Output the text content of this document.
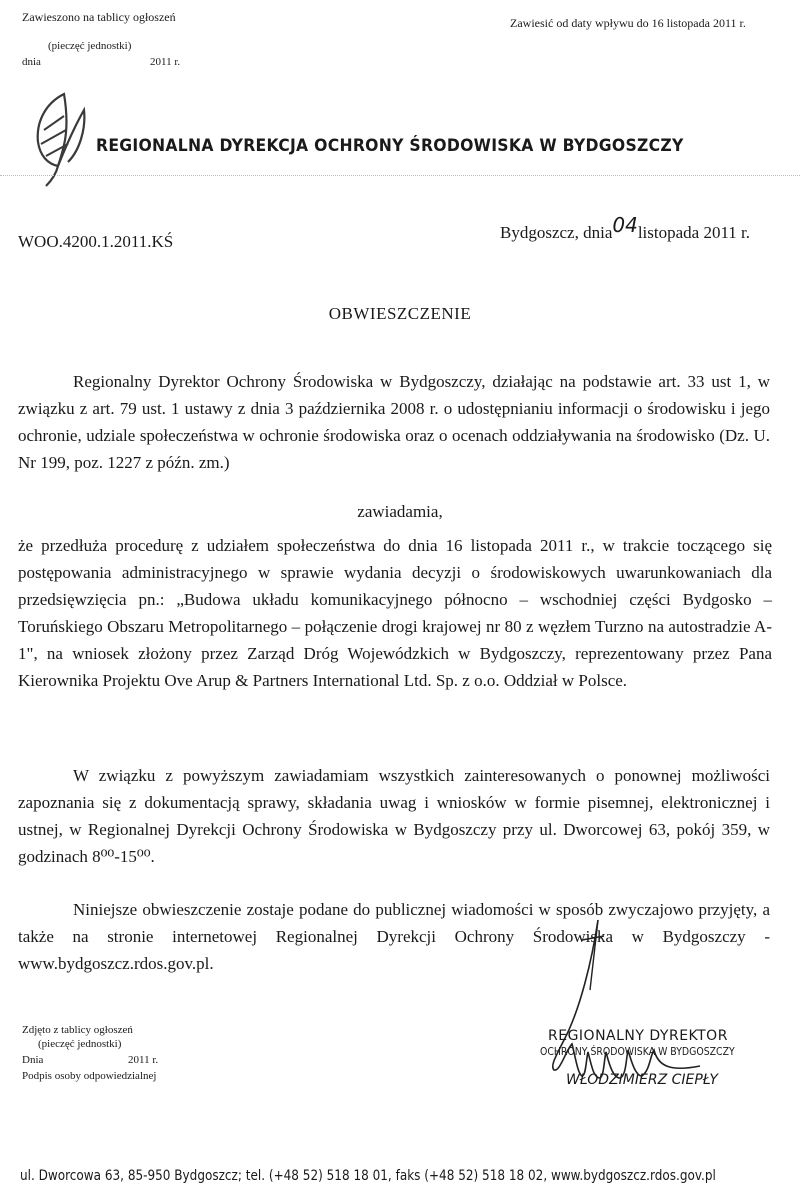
Zawieszono na tablicy ogłoszeń
(pieczęć jednostki)
dnia	2011 r.
Zawiesić od daty wpływu do 16 listopada 2011 r.
REGIONALNA DYREKCJA OCHRONY ŚRODOWISKA W BYDGOSZCZY
WOO.4200.1.2011.KŚ	Bydgoszcz, dnia04listopada 2011 r.
OBWIESZCZENIE
Regionalny Dyrektor Ochrony Środowiska w Bydgoszczy, działając na podstawie art. 33 ust 1, w związku z art. 79 ust. 1 ustawy z dnia 3 października 2008 r. o udostępnianiu informacji o środowisku i jego ochronie, udziale społeczeństwa w ochronie środowiska oraz o ocenach oddziaływania na środowisko (Dz. U. Nr 199, poz. 1227 z późn. zm.)
zawiadamia,
że przedłuża procedurę z udziałem społeczeństwa do dnia 16 listopada 2011 r., w trakcie toczącego się postępowania administracyjnego w sprawie wydania decyzji o środowiskowych uwarunkowaniach dla przedsięwzięcia pn.: „Budowa układu komunikacyjnego północno – wschodniej części Bydgosko – Toruńskiego Obszaru Metropolitarnego – połączenie drogi krajowej nr 80 z węzłem Turzno na autostradzie A-1", na wniosek złożony przez Zarząd Dróg Wojewódzkich w Bydgoszczy, reprezentowany przez Pana Kierownika Projektu Ove Arup & Partners International Ltd. Sp. z o.o. Oddział w Polsce.
W związku z powyższym zawiadamiam wszystkich zainteresowanych o ponownej możliwości zapoznania się z dokumentacją sprawy, składania uwag i wniosków w formie pisemnej, elektronicznej i ustnej, w Regionalnej Dyrekcji Ochrony Środowiska w Bydgoszczy przy ul. Dworcowej 63, pokój 359, w godzinach 8⁰⁰-15⁰⁰.
Niniejsze obwieszczenie zostaje podane do publicznej wiadomości w sposób zwyczajowo przyjęty, a także na stronie internetowej Regionalnej Dyrekcji Ochrony Środowiska w Bydgoszczy - www.bydgoszcz.rdos.gov.pl.
Zdjęto z tablicy ogłoszeń
(pieczęć jednostki)
Dnia	2011 r.
Podpis osoby odpowiedzialnej
REGIONALNY DYREKTOR
OCHRONY ŚRODOWISKA W BYDGOSZCZY
WŁODZIMIERZ CIEPŁY
ul. Dworcowa 63, 85-950 Bydgoszcz; tel. (+48 52) 518 18 01, faks (+48 52) 518 18 02, www.bydgoszcz.rdos.gov.pl
